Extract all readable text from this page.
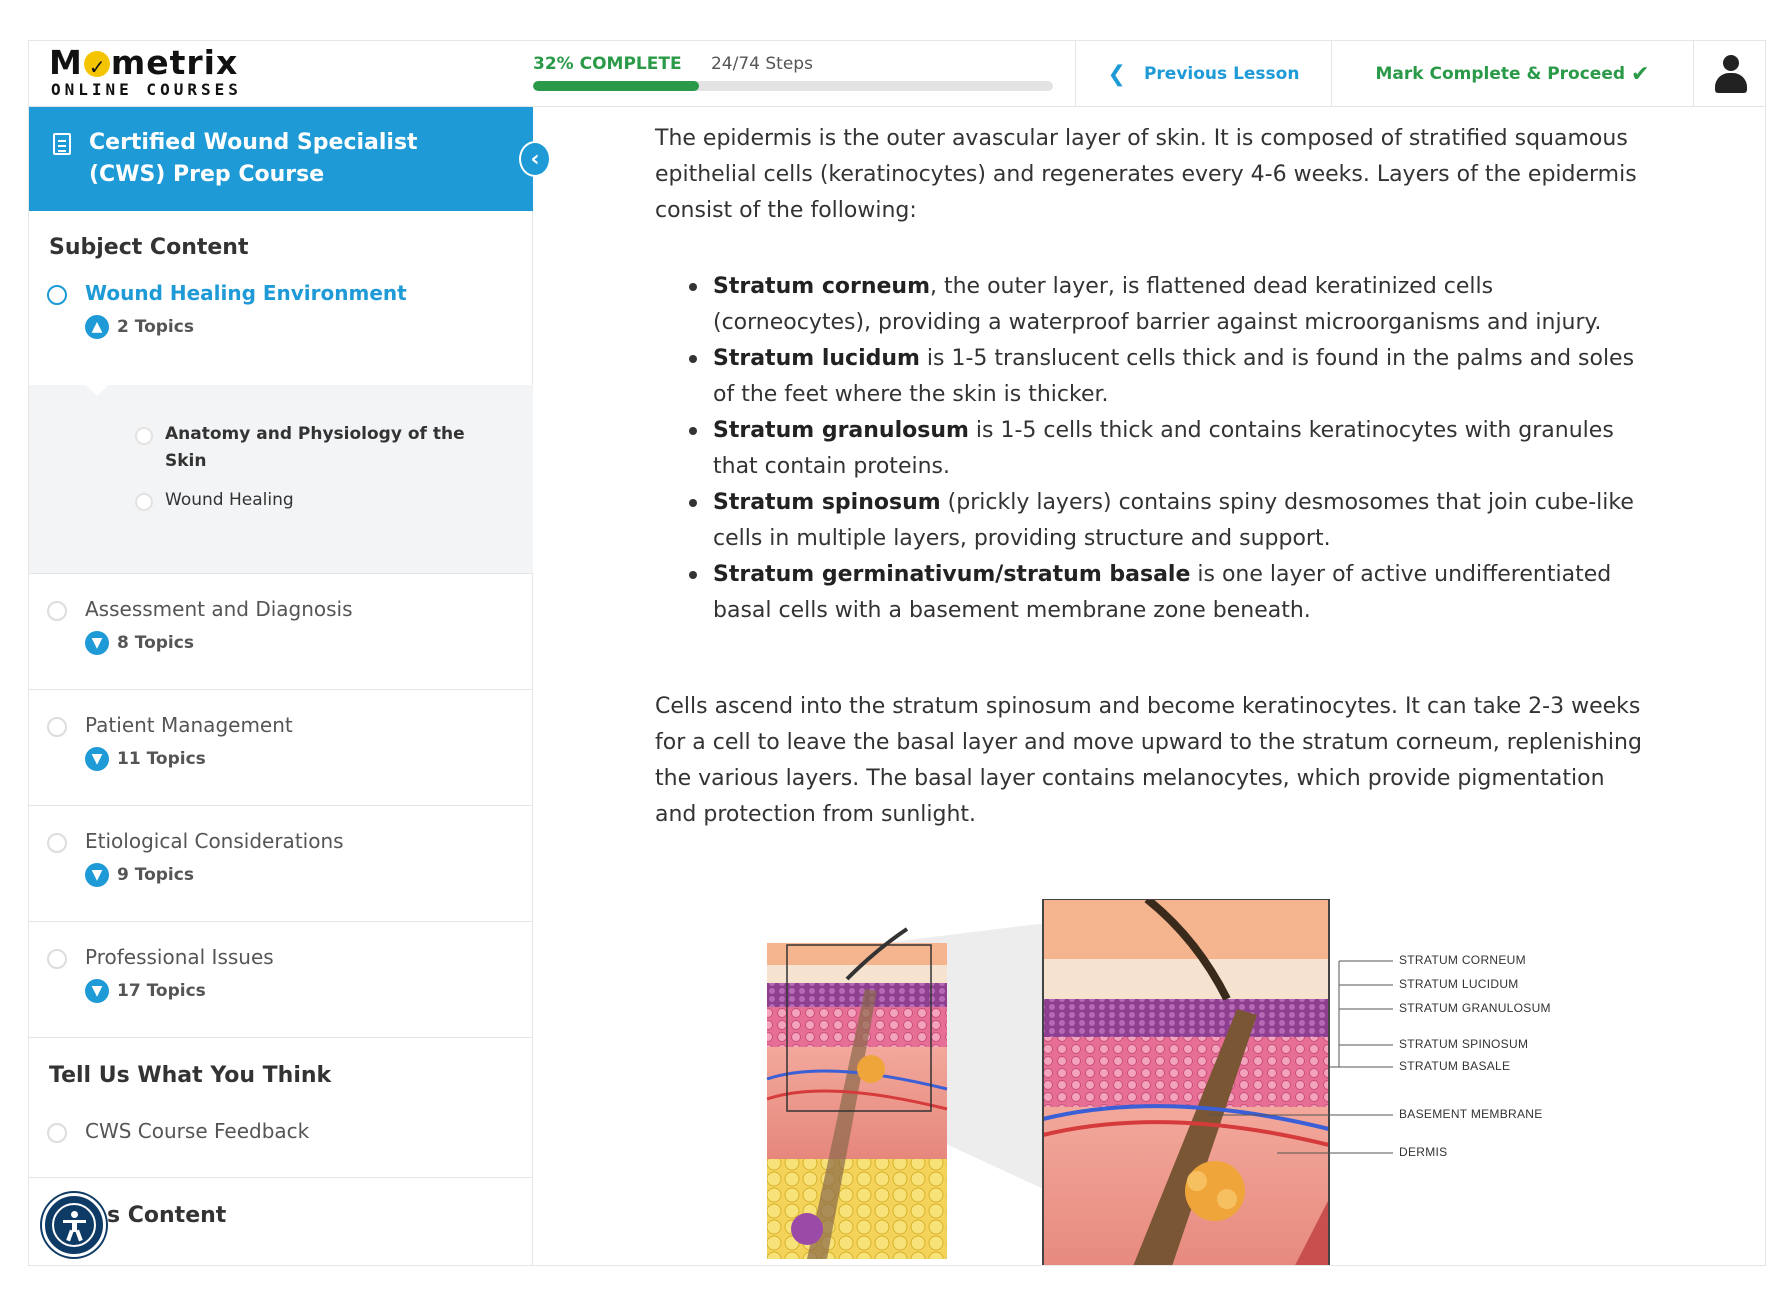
M✓ metrix
ONLINE COURSES
32% COMPLETE 24/74 Steps	❮ Previous Lesson	Mark Complete & Proceed ✔
Certified Wound Specialist (CWS) Prep Course
‹
Subject Content
Wound Healing Environment
▲ 2 Topics
Anatomy and Physiology of the Skin
Wound Healing
Assessment and Diagnosis
▼ 8 Topics
Patient Management
▼ 11 Topics
Etiological Considerations
▼ 9 Topics
Professional Issues
▼ 17 Topics
Tell Us What You Think
CWS Course Feedback
s Content

The epidermis is the outer avascular layer of skin. It is composed of stratified squamous epithelial cells (keratinocytes) and regenerates every 4-6 weeks. Layers of the epidermis consist of the following:

Stratum corneum, the outer layer, is flattened dead keratinized cells (corneocytes), providing a waterproof barrier against microorganisms and injury.
Stratum lucidum is 1-5 translucent cells thick and is found in the palms and soles of the feet where the skin is thicker.
Stratum granulosum is 1-5 cells thick and contains keratinocytes with granules that contain proteins.
Stratum spinosum (prickly layers) contains spiny desmosomes that join cube-like cells in multiple layers, providing structure and support.
Stratum germinativum/stratum basale is one layer of active undifferentiated basal cells with a basement membrane zone beneath.

Cells ascend into the stratum spinosum and become keratinocytes. It can take 2-3 weeks for a cell to leave the basal layer and move upward to the stratum corneum, replenishing the various layers. The basal layer contains melanocytes, which provide pigmentation and protection from sunlight.

STRATUM CORNEUM
STRATUM LUCIDUM
STRATUM GRANULOSUM
STRATUM SPINOSUM
STRATUM BASALE
BASEMENT MEMBRANE
DERMIS
